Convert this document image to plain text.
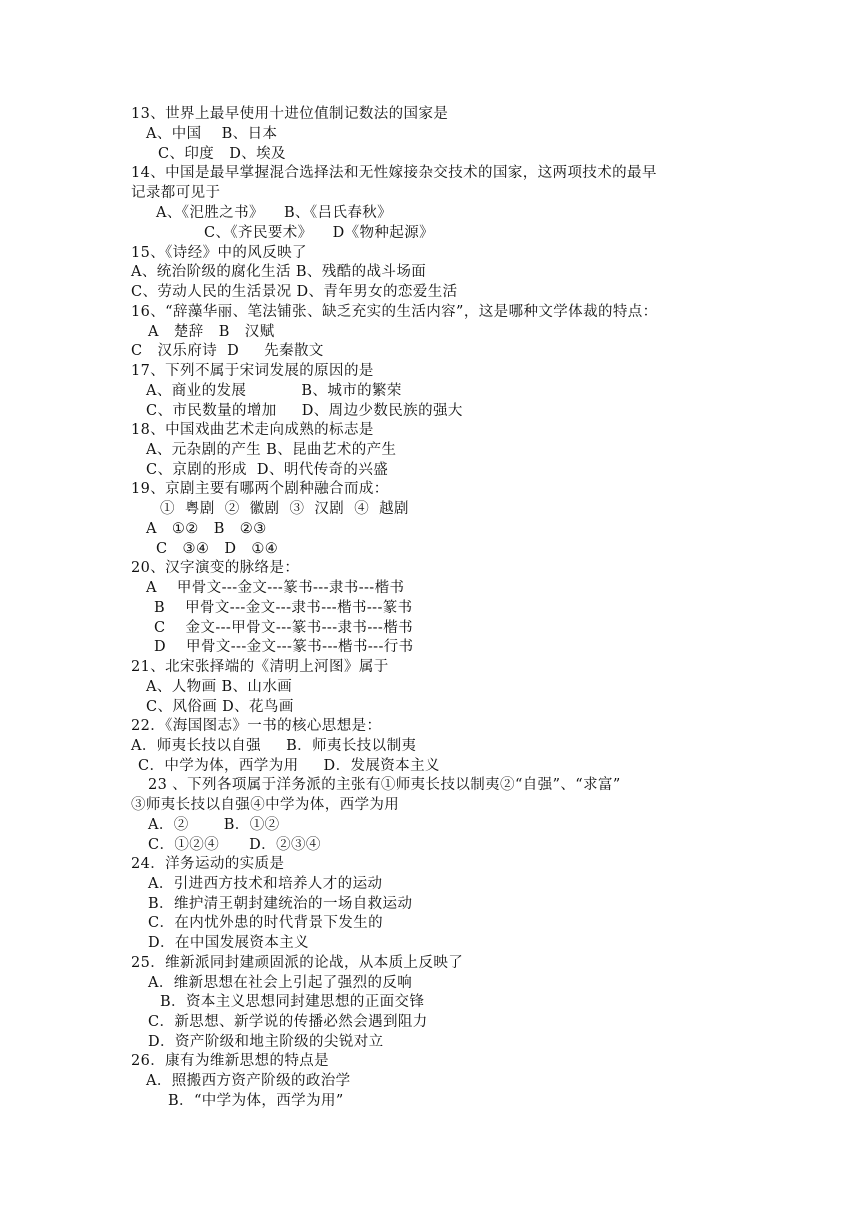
13、世界上最早使用十进位值制记数法的国家是
A、中国    B、日本
C、印度   D、埃及
14、中国是最早掌握混合选择法和无性嫁接杂交技术的国家，这两项技术的最早
记录都可见于
A、《汜胜之书》    B、《吕氏春秋》
C、《齐民要术》    D《物种起源》
15、《诗经》中的风反映了
A、统治阶级的腐化生活 B、残酷的战斗场面
C、劳动人民的生活景况 D、青年男女的恋爱生活
16、“辞藻华丽、笔法铺张、缺乏充实的生活内容”，这是哪种文学体裁的特点：
A   楚辞   B   汉赋
C   汉乐府诗  D     先秦散文
17、下列不属于宋词发展的原因的是
A、商业的发展           B、城市的繁荣
C、市民数量的增加     D、周边少数民族的强大
18、中国戏曲艺术走向成熟的标志是
A、元杂剧的产生 B、昆曲艺术的产生
C、京剧的形成  D、明代传奇的兴盛
19、京剧主要有哪两个剧种融合而成：
①  粤剧  ②  徽剧  ③  汉剧  ④  越剧
A   ①②   B   ②③
C   ③④   D   ①④
20、汉字演变的脉络是：
A    甲骨文---金文---篆书---隶书---楷书
B    甲骨文---金文---隶书---楷书---篆书
C    金文---甲骨文---篆书---隶书---楷书
D    甲骨文---金文---篆书---楷书---行书
21、北宋张择端的《清明上河图》属于
A、人物画 B、山水画
C、风俗画 D、花鸟画
22．《海国图志》一书的核心思想是：
A．师夷长技以自强     B．师夷长技以制夷
C．中学为体，西学为用     D．发展资本主义
23 、下列各项属于洋务派的主张有①师夷长技以制夷②“自强”、“求富”
③师夷长技以自强④中学为体，西学为用
A．②       B．①②
C．①②④      D．②③④
24．洋务运动的实质是
A．引进西方技术和培养人才的运动
B．维护清王朝封建统治的一场自救运动
C．在内忧外患的时代背景下发生的
D．在中国发展资本主义
25．维新派同封建顽固派的论战，从本质上反映了
A．维新思想在社会上引起了强烈的反响
B．资本主义思想同封建思想的正面交锋
C．新思想、新学说的传播必然会遇到阻力
D．资产阶级和地主阶级的尖锐对立
26．康有为维新思想的特点是
A．照搬西方资产阶级的政治学
B．“中学为体，西学为用”
